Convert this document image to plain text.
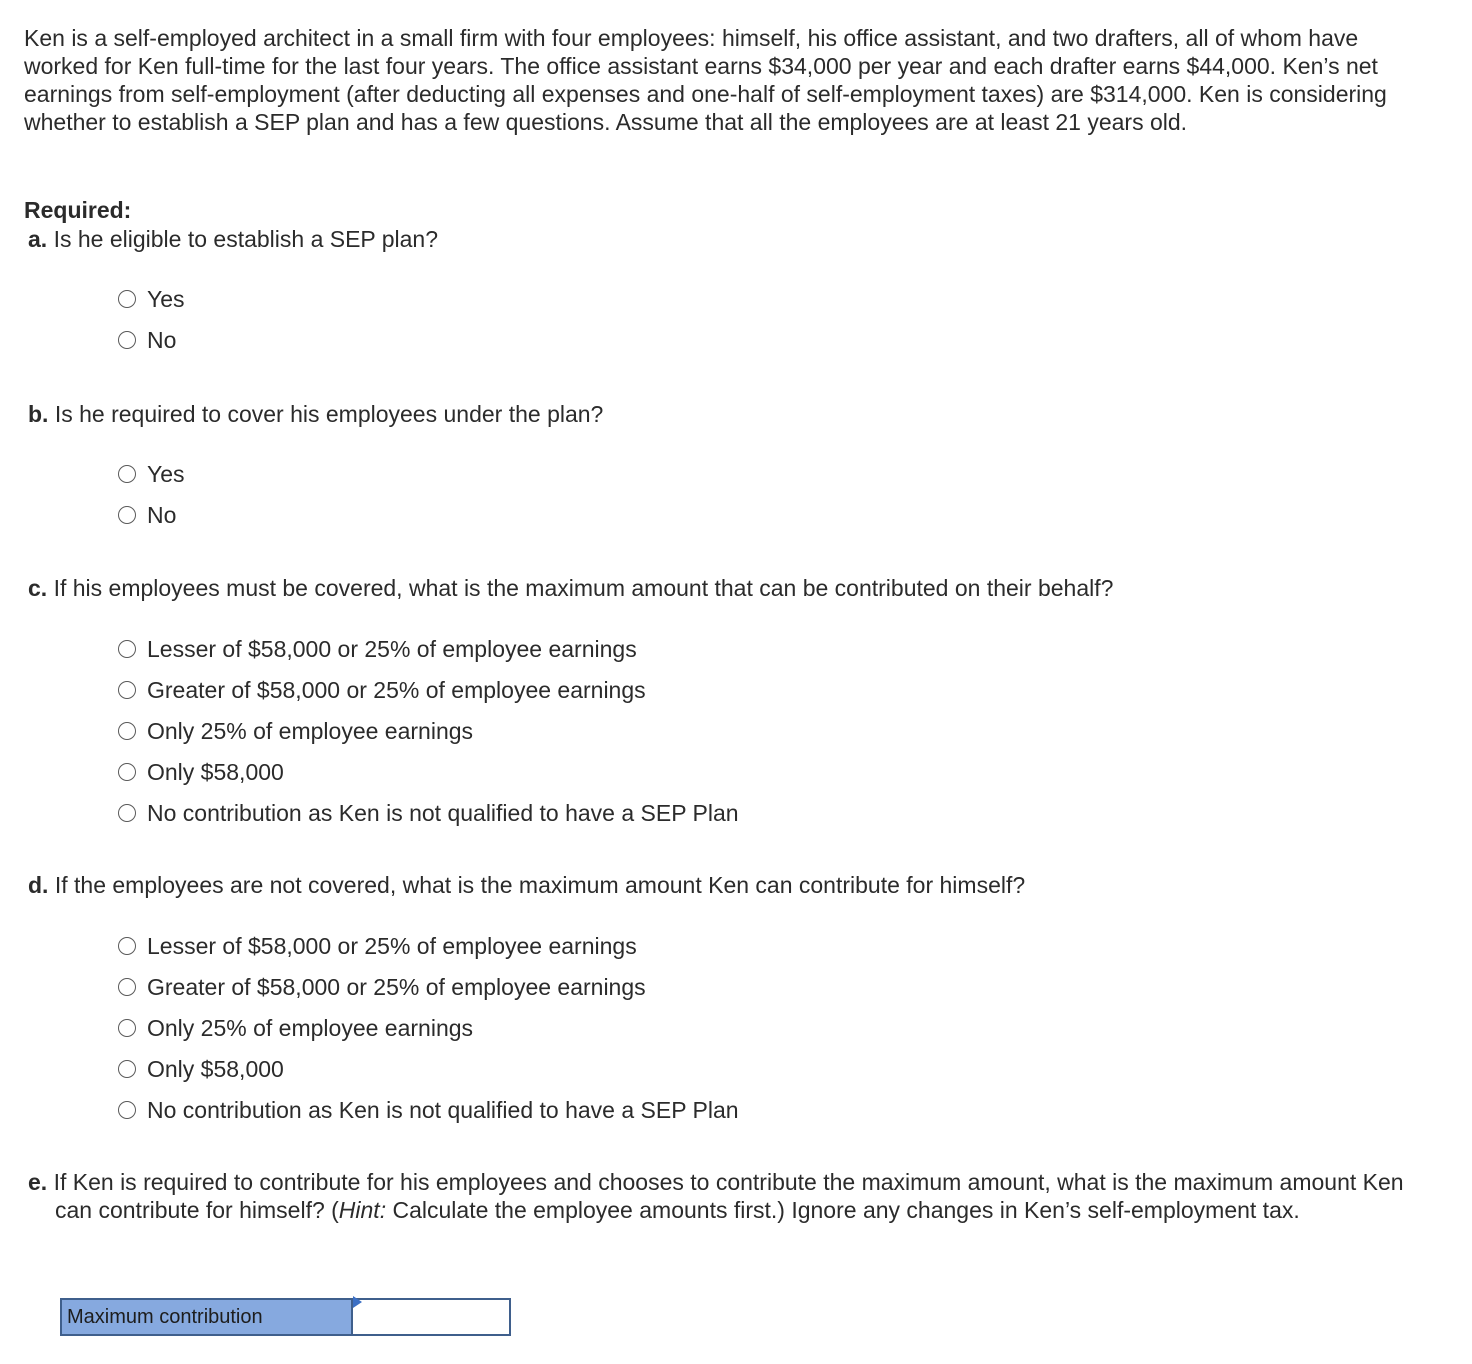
Ken is a self-employed architect in a small firm with four employees: himself, his office assistant, and two drafters, all of whom have worked for Ken full-time for the last four years. The office assistant earns $34,000 per year and each drafter earns $44,000. Ken’s net earnings from self-employment (after deducting all expenses and one-half of self-employment taxes) are $314,000. Ken is considering whether to establish a SEP plan and has a few questions. Assume that all the employees are at least 21 years old.

Required:

a. Is he eligible to establish a SEP plan?

Yes
No

b. Is he required to cover his employees under the plan?

Yes
No

c. If his employees must be covered, what is the maximum amount that can be contributed on their behalf?

Lesser of $58,000 or 25% of employee earnings
Greater of $58,000 or 25% of employee earnings
Only 25% of employee earnings
Only $58,000
No contribution as Ken is not qualified to have a SEP Plan

d. If the employees are not covered, what is the maximum amount Ken can contribute for himself?

Lesser of $58,000 or 25% of employee earnings
Greater of $58,000 or 25% of employee earnings
Only 25% of employee earnings
Only $58,000
No contribution as Ken is not qualified to have a SEP Plan

e. If Ken is required to contribute for his employees and chooses to contribute the maximum amount, what is the maximum amount Ken can contribute for himself? (Hint: Calculate the employee amounts first.) Ignore any changes in Ken’s self-employment tax.

Maximum contribution	
